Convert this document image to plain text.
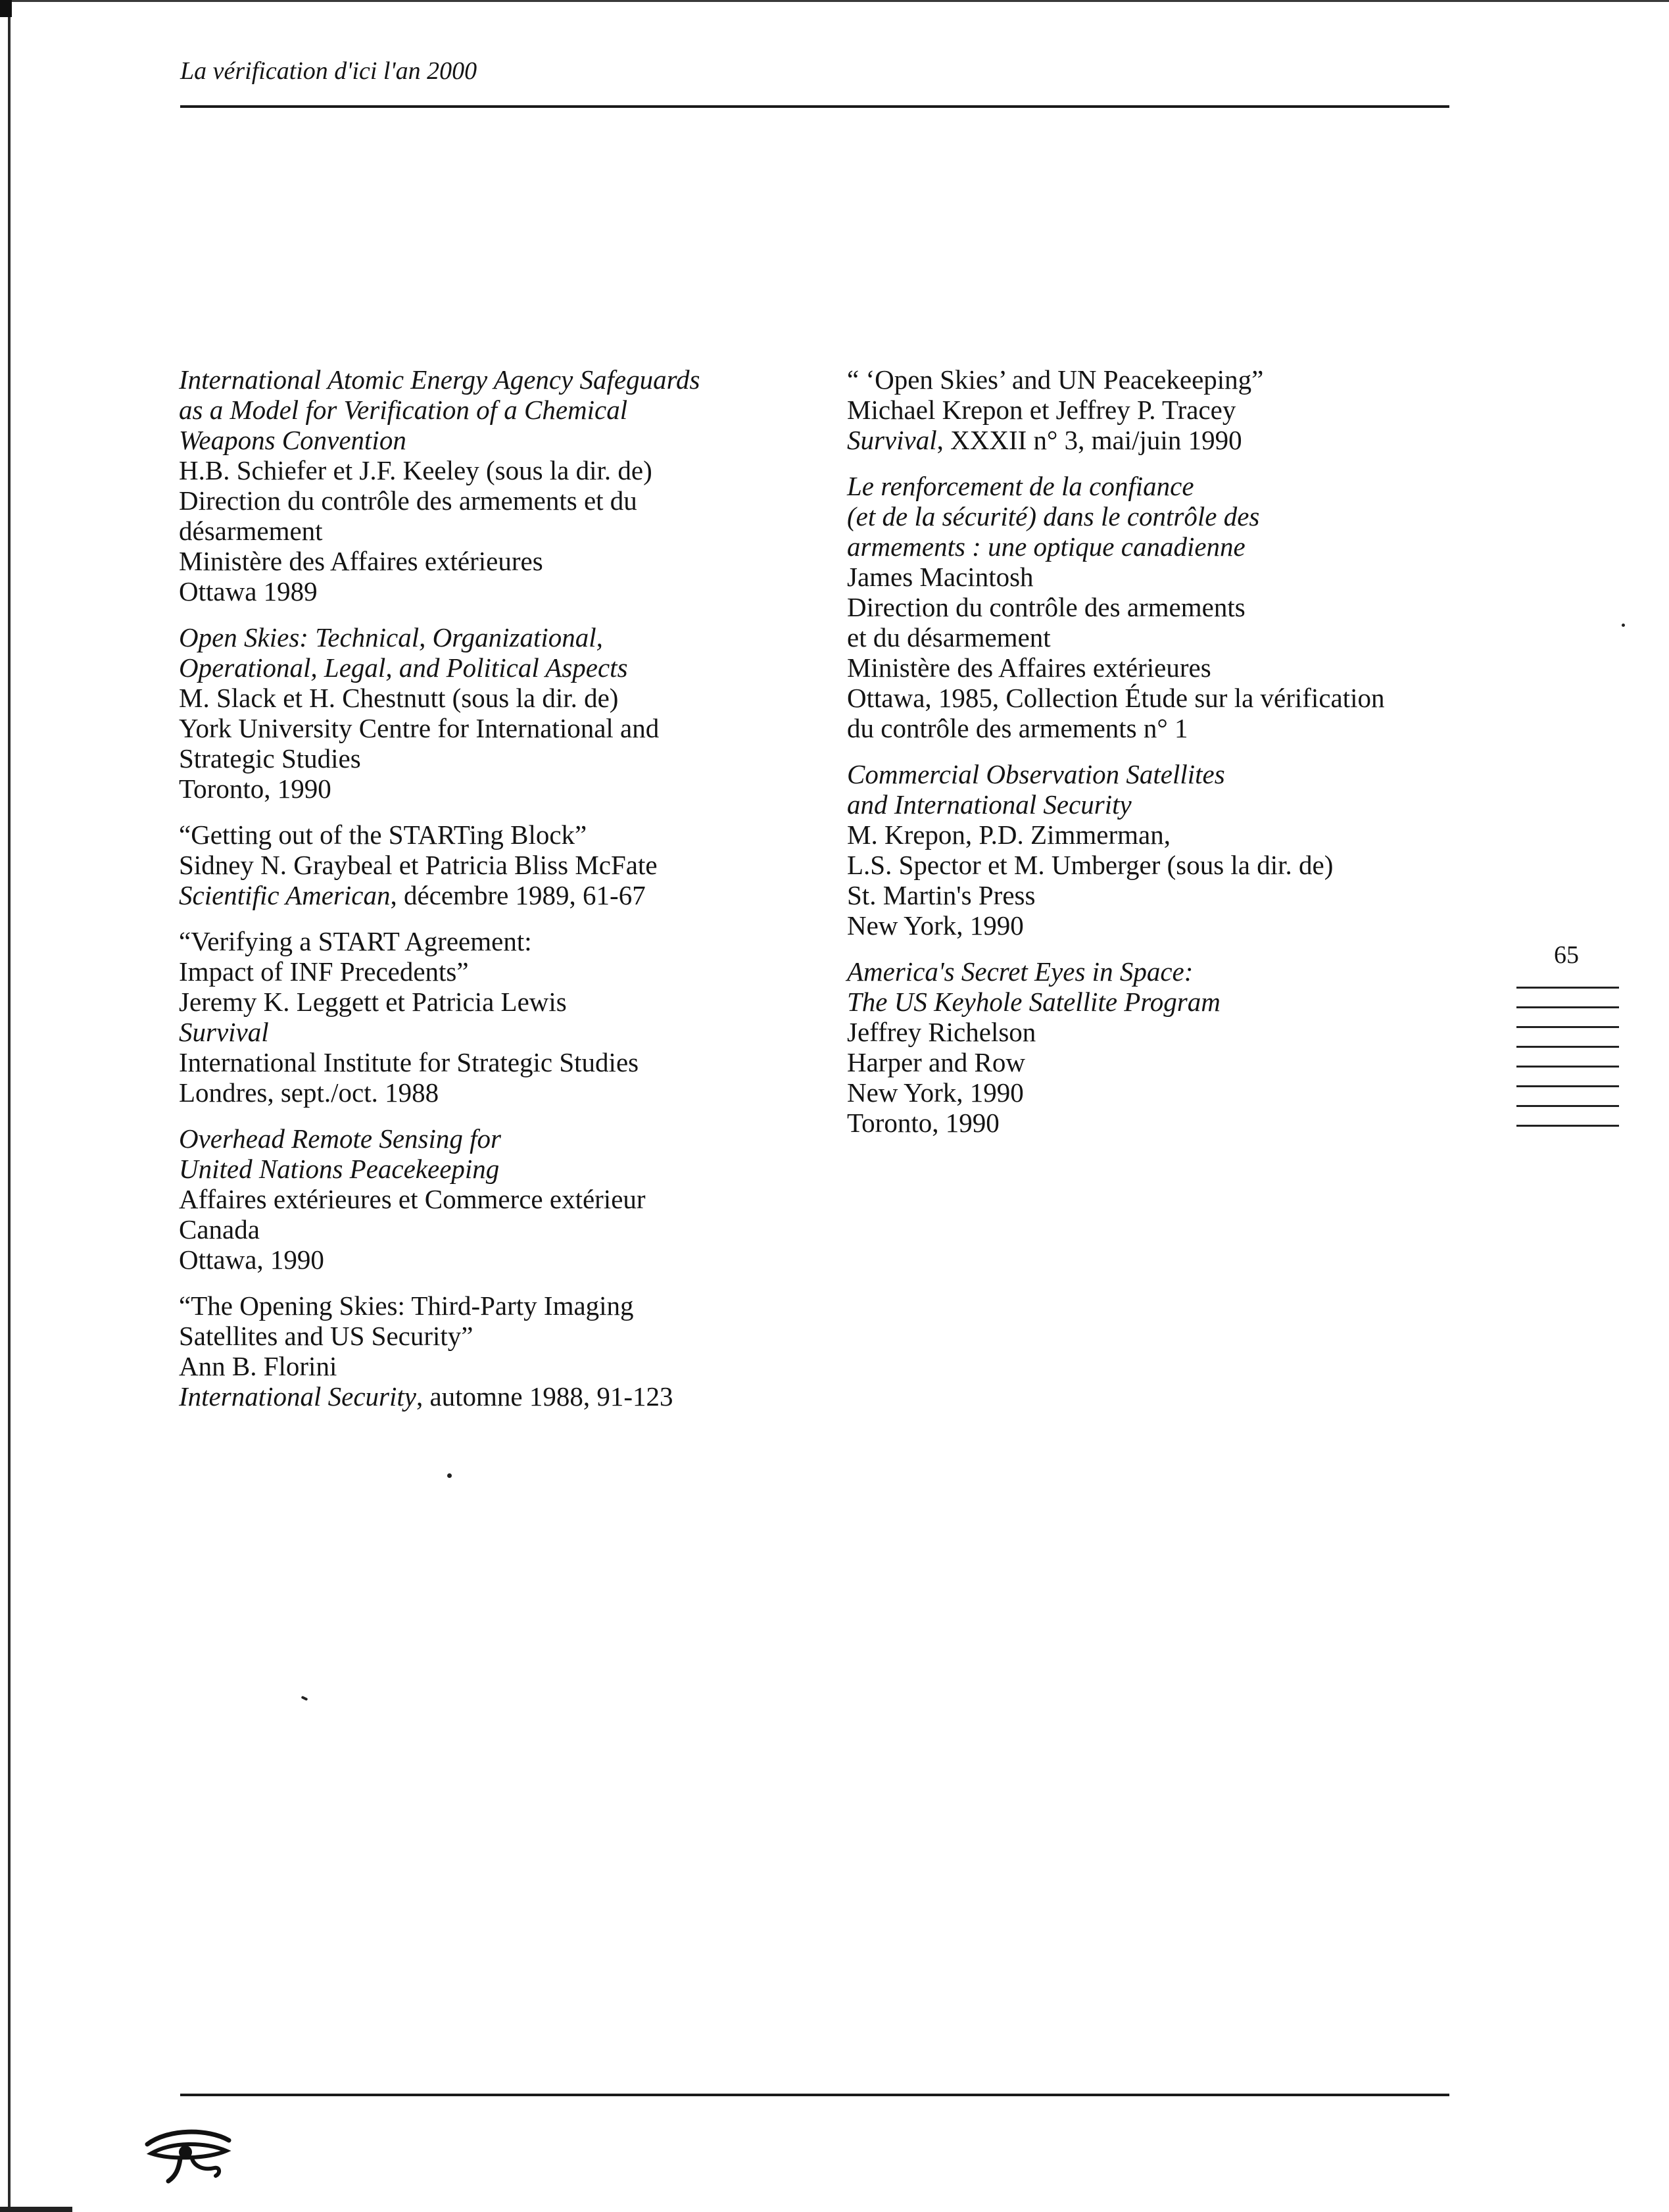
La vérification d'ici l'an 2000
International Atomic Energy Agency Safeguards
as a Model for Verification of a Chemical
Weapons Convention
H.B. Schiefer et J.F. Keeley (sous la dir. de)
Direction du contrôle des armements et du
désarmement
Ministère des Affaires extérieures
Ottawa 1989
Open Skies: Technical, Organizational,
Operational, Legal, and Political Aspects
M. Slack et H. Chestnutt (sous la dir. de)
York University Centre for International and
Strategic Studies
Toronto, 1990
“Getting out of the STARTing Block”
Sidney N. Graybeal et Patricia Bliss McFate
Scientific American, décembre 1989, 61-67
“Verifying a START Agreement:
Impact of INF Precedents”
Jeremy K. Leggett et Patricia Lewis
Survival
International Institute for Strategic Studies
Londres, sept./oct. 1988
Overhead Remote Sensing for
United Nations Peacekeeping
Affaires extérieures et Commerce extérieur
Canada
Ottawa, 1990
“The Opening Skies: Third-Party Imaging
Satellites and US Security”
Ann B. Florini
International Security, automne 1988, 91-123
“ ‘Open Skies’ and UN Peacekeeping”
Michael Krepon et Jeffrey P. Tracey
Survival, XXXII n° 3, mai/juin 1990
Le renforcement de la confiance
(et de la sécurité) dans le contrôle des
armements : une optique canadienne
James Macintosh
Direction du contrôle des armements
et du désarmement
Ministère des Affaires extérieures
Ottawa, 1985, Collection Étude sur la vérification
du contrôle des armements n° 1
Commercial Observation Satellites
and International Security
M. Krepon, P.D. Zimmerman,
L.S. Spector et M. Umberger (sous la dir. de)
St. Martin's Press
New York, 1990
America's Secret Eyes in Space:
The US Keyhole Satellite Program
Jeffrey Richelson
Harper and Row
New York, 1990
Toronto, 1990
65
